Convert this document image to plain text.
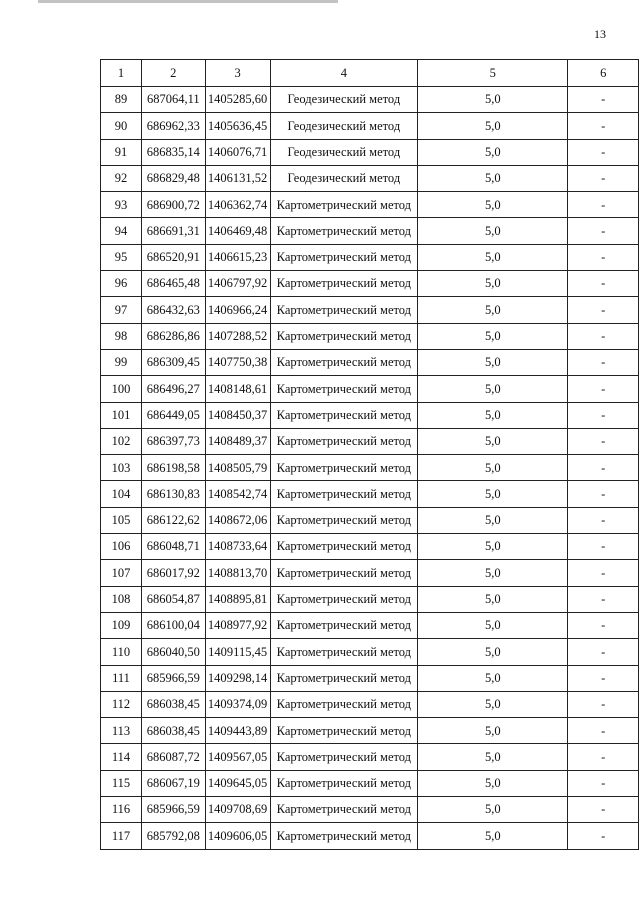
13
1	2	3	4	5	6
89	687064,11	1405285,60	Геодезический метод	5,0	-
90	686962,33	1405636,45	Геодезический метод	5,0	-
91	686835,14	1406076,71	Геодезический метод	5,0	-
92	686829,48	1406131,52	Геодезический метод	5,0	-
93	686900,72	1406362,74	Картометрический метод	5,0	-
94	686691,31	1406469,48	Картометрический метод	5,0	-
95	686520,91	1406615,23	Картометрический метод	5,0	-
96	686465,48	1406797,92	Картометрический метод	5,0	-
97	686432,63	1406966,24	Картометрический метод	5,0	-
98	686286,86	1407288,52	Картометрический метод	5,0	-
99	686309,45	1407750,38	Картометрический метод	5,0	-
100	686496,27	1408148,61	Картометрический метод	5,0	-
101	686449,05	1408450,37	Картометрический метод	5,0	-
102	686397,73	1408489,37	Картометрический метод	5,0	-
103	686198,58	1408505,79	Картометрический метод	5,0	-
104	686130,83	1408542,74	Картометрический метод	5,0	-
105	686122,62	1408672,06	Картометрический метод	5,0	-
106	686048,71	1408733,64	Картометрический метод	5,0	-
107	686017,92	1408813,70	Картометрический метод	5,0	-
108	686054,87	1408895,81	Картометрический метод	5,0	-
109	686100,04	1408977,92	Картометрический метод	5,0	-
110	686040,50	1409115,45	Картометрический метод	5,0	-
111	685966,59	1409298,14	Картометрический метод	5,0	-
112	686038,45	1409374,09	Картометрический метод	5,0	-
113	686038,45	1409443,89	Картометрический метод	5,0	-
114	686087,72	1409567,05	Картометрический метод	5,0	-
115	686067,19	1409645,05	Картометрический метод	5,0	-
116	685966,59	1409708,69	Картометрический метод	5,0	-
117	685792,08	1409606,05	Картометрический метод	5,0	-
